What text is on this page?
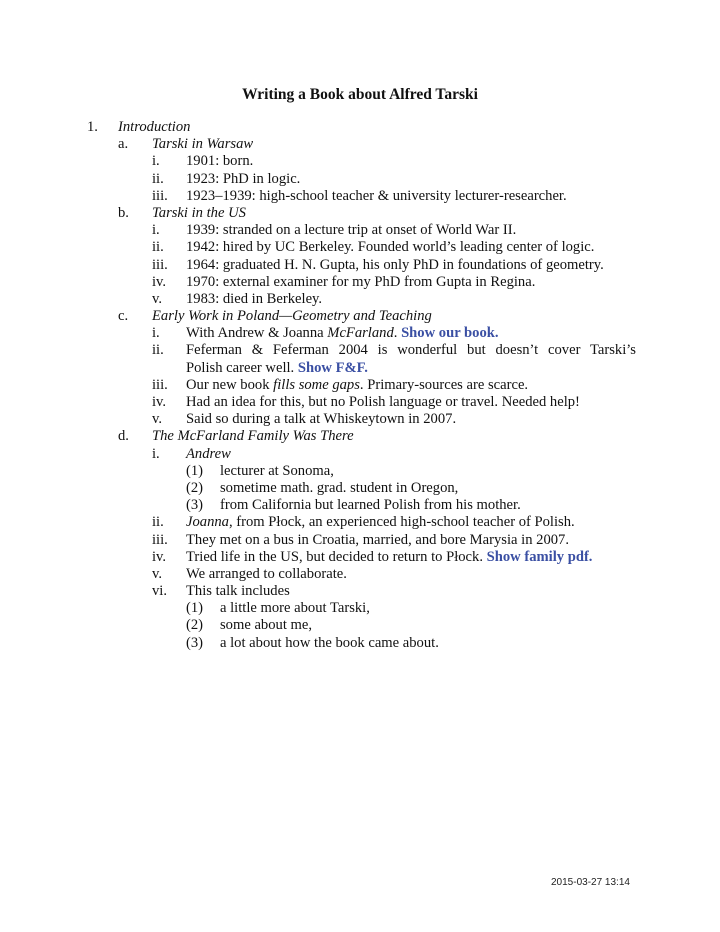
Writing a Book about Alfred Tarski
1. Introduction
a. Tarski in Warsaw
i. 1901: born.
ii. 1923: PhD in logic.
iii. 1923–1939: high-school teacher & university lecturer-researcher.
b. Tarski in the US
i. 1939: stranded on a lecture trip at onset of World War II.
ii. 1942: hired by UC Berkeley. Founded world’s leading center of logic.
iii. 1964: graduated H. N. Gupta, his only PhD in foundations of geometry.
iv. 1970: external examiner for my PhD from Gupta in Regina.
v. 1983: died in Berkeley.
c. Early Work in Poland—Geometry and Teaching
i. With Andrew & Joanna McFarland. Show our book.
ii. Feferman & Feferman 2004 is wonderful but doesn’t cover Tarski’s
Polish career well. Show F&F.
iii. Our new book fills some gaps. Primary-sources are scarce.
iv. Had an idea for this, but no Polish language or travel. Needed help!
v. Said so during a talk at Whiskeytown in 2007.
d. The McFarland Family Was There
i. Andrew
(1) lecturer at Sonoma,
(2) sometime math. grad. student in Oregon,
(3) from California but learned Polish from his mother.
ii. Joanna, from Płock, an experienced high-school teacher of Polish.
iii. They met on a bus in Croatia, married, and bore Marysia in 2007.
iv. Tried life in the US, but decided to return to Płock. Show family pdf.
v. We arranged to collaborate.
vi. This talk includes
(1) a little more about Tarski,
(2) some about me,
(3) a lot about how the book came about.
2015-03-27 13:14
